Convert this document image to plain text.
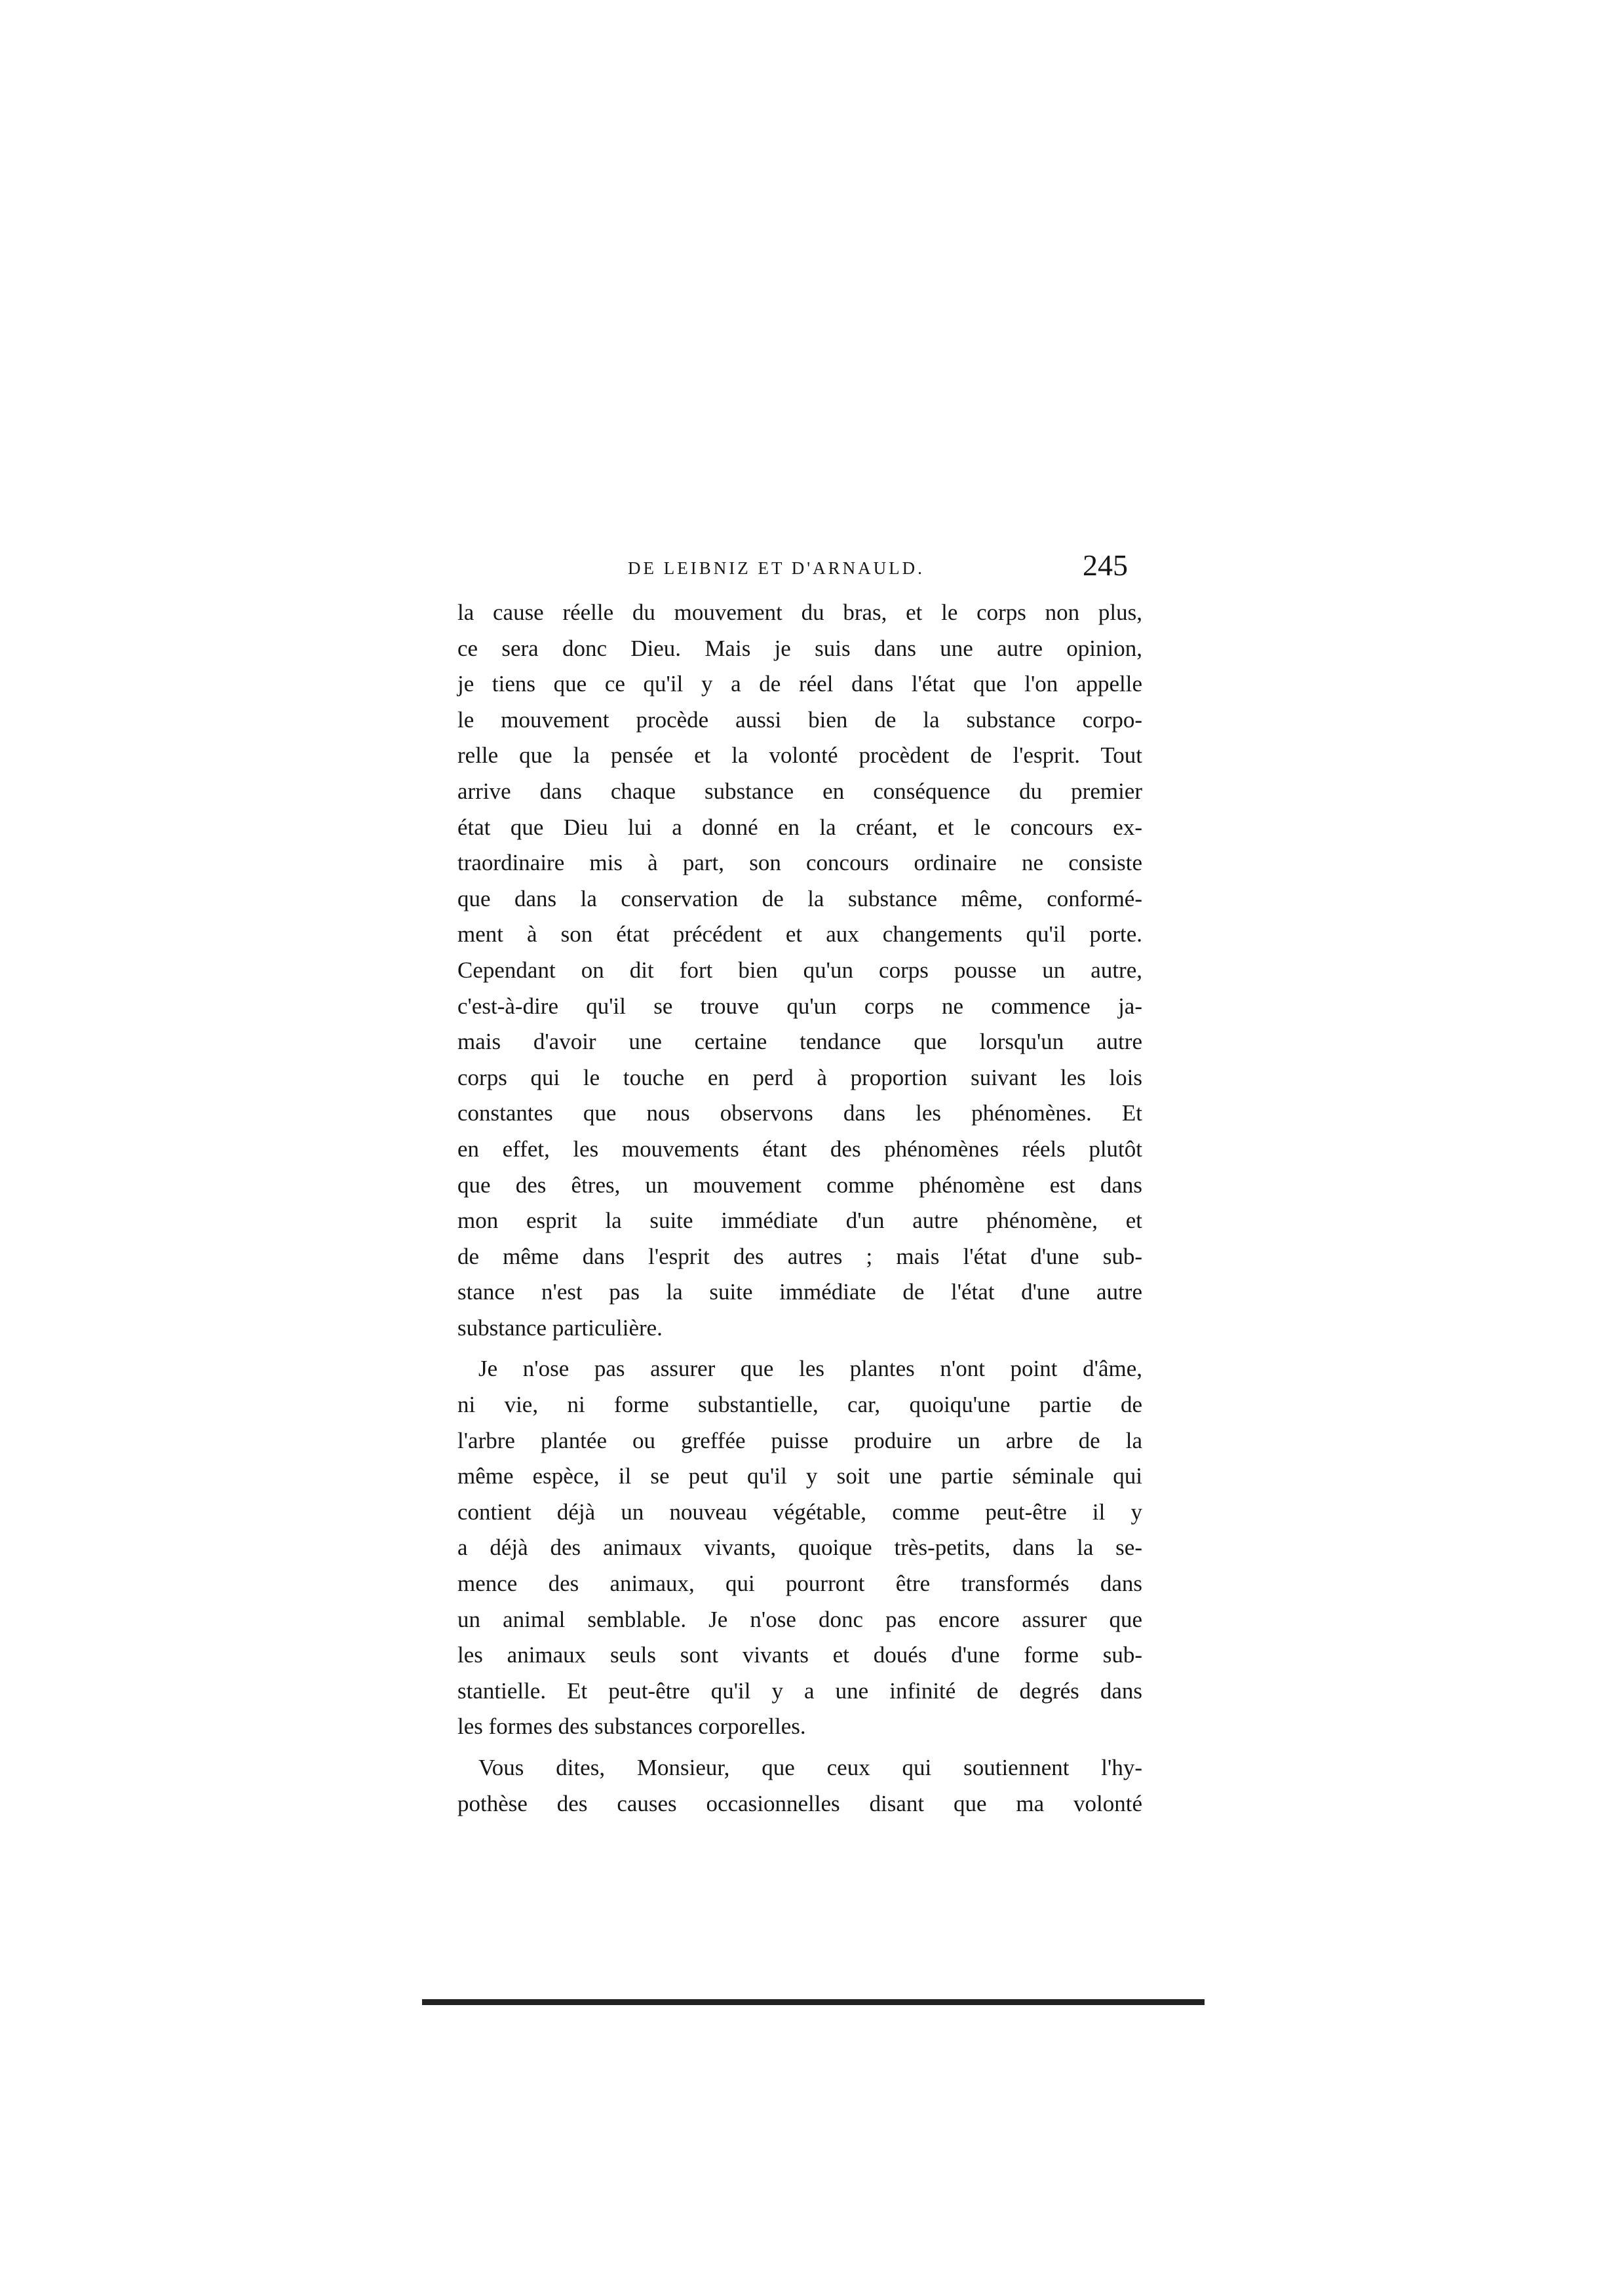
DE LEIBNIZ ET D'ARNAULD.	245
la cause réelle du mouvement du bras, et le corps non plus,
ce sera donc Dieu. Mais je suis dans une autre opinion,
je tiens que ce qu'il y a de réel dans l'état que l'on appelle
le mouvement procède aussi bien de la substance corpo-
relle que la pensée et la volonté procèdent de l'esprit. Tout
arrive dans chaque substance en conséquence du premier
état que Dieu lui a donné en la créant, et le concours ex-
traordinaire mis à part, son concours ordinaire ne consiste
que dans la conservation de la substance même, conformé-
ment à son état précédent et aux changements qu'il porte.
Cependant on dit fort bien qu'un corps pousse un autre,
c'est-à-dire qu'il se trouve qu'un corps ne commence ja-
mais d'avoir une certaine tendance que lorsqu'un autre
corps qui le touche en perd à proportion suivant les lois
constantes que nous observons dans les phénomènes. Et
en effet, les mouvements étant des phénomènes réels plutôt
que des êtres, un mouvement comme phénomène est dans
mon esprit la suite immédiate d'un autre phénomène, et
de même dans l'esprit des autres ; mais l'état d'une sub-
stance n'est pas la suite immédiate de l'état d'une autre
substance particulière.
Je n'ose pas assurer que les plantes n'ont point d'âme,
ni vie, ni forme substantielle, car, quoiqu'une partie de
l'arbre plantée ou greffée puisse produire un arbre de la
même espèce, il se peut qu'il y soit une partie séminale qui
contient déjà un nouveau végétable, comme peut-être il y
a déjà des animaux vivants, quoique très-petits, dans la se-
mence des animaux, qui pourront être transformés dans
un animal semblable. Je n'ose donc pas encore assurer que
les animaux seuls sont vivants et doués d'une forme sub-
stantielle. Et peut-être qu'il y a une infinité de degrés dans
les formes des substances corporelles.
Vous dites, Monsieur, que ceux qui soutiennent l'hy-
pothèse des causes occasionnelles disant que ma volonté
